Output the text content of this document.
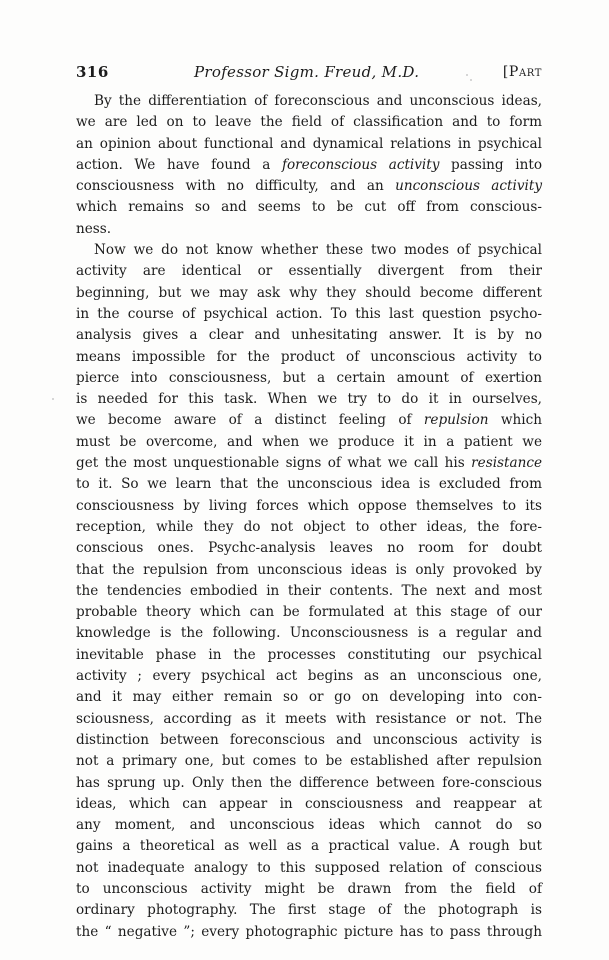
316	Professor Sigm. Freud, M.D.	[Part
By the differentiation of foreconscious and unconscious ideas,
we are led on to leave the field of classification and to form
an opinion about functional and dynamical relations in psychical
action. We have found a foreconscious activity passing into
consciousness with no difficulty, and an unconscious activity
which remains so and seems to be cut off from conscious-
ness.
Now we do not know whether these two modes of psychical
activity are identical or essentially divergent from their
beginning, but we may ask why they should become different
in the course of psychical action. To this last question psycho-
analysis gives a clear and unhesitating answer. It is by no
means impossible for the product of unconscious activity to
pierce into consciousness, but a certain amount of exertion
is needed for this task. When we try to do it in ourselves,
we become aware of a distinct feeling of repulsion which
must be overcome, and when we produce it in a patient we
get the most unquestionable signs of what we call his resistance
to it. So we learn that the unconscious idea is excluded from
consciousness by living forces which oppose themselves to its
reception, while they do not object to other ideas, the fore-
conscious ones. Psychc-analysis leaves no room for doubt
that the repulsion from unconscious ideas is only provoked by
the tendencies embodied in their contents. The next and most
probable theory which can be formulated at this stage of our
knowledge is the following. Unconsciousness is a regular and
inevitable phase in the processes constituting our psychical
activity ; every psychical act begins as an unconscious one,
and it may either remain so or go on developing into con-
sciousness, according as it meets with resistance or not. The
distinction between foreconscious and unconscious activity is
not a primary one, but comes to be established after repulsion
has sprung up. Only then the difference between fore-conscious
ideas, which can appear in consciousness and reappear at
any moment, and unconscious ideas which cannot do so
gains a theoretical as well as a practical value. A rough but
not inadequate analogy to this supposed relation of conscious
to unconscious activity might be drawn from the field of
ordinary photography. The first stage of the photograph is
the “ negative ”; every photographic picture has to pass through
